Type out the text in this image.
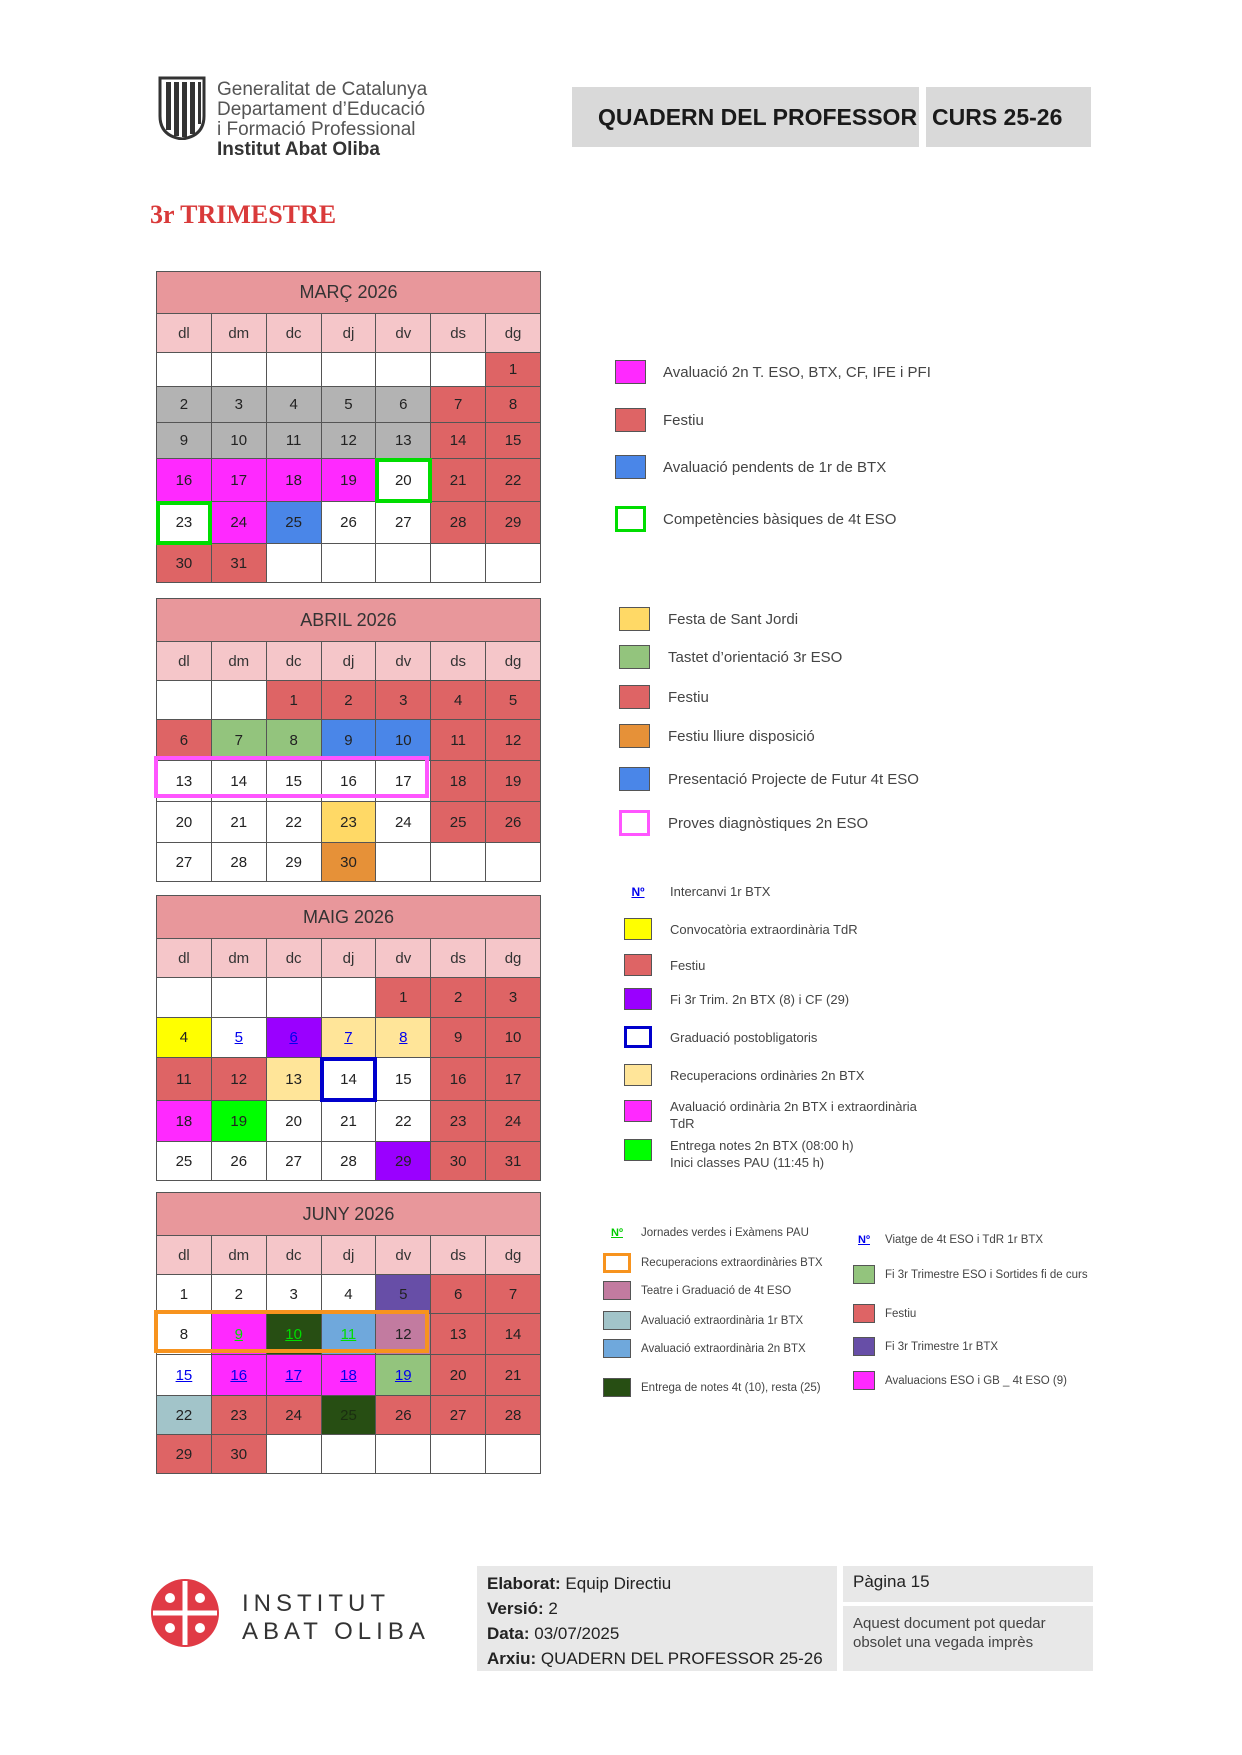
Generalitat de Catalunya
Departament d’Educació
i Formació Professional
Institut Abat Oliba
QUADERN DEL PROFESSOR CURS 25-26
3r TRIMESTRE
MARÇ 2026						
dl	dm	dc	dj	dv	ds	dg
						1
2	3	4	5	6	7	8
9	10	11	12	13	14	15
16	17	18	19	20	21	22
23	24	25	26	27	28	29
30	31					
ABRIL 2026						
dl	dm	dc	dj	dv	ds	dg
		1	2	3	4	5
6	7	8	9	10	11	12
13	14	15	16	17	18	19
20	21	22	23	24	25	26
27	28	29	30			
MAIG 2026						
dl	dm	dc	dj	dv	ds	dg
				1	2	3
4	5	6	7	8	9	10
11	12	13	14	15	16	17
18	19	20	21	22	23	24
25	26	27	28	29	30	31
JUNY 2026						
dl	dm	dc	dj	dv	ds	dg
1	2	3	4	5	6	7
8	9	10	11	12	13	14
15	16	17	18	19	20	21
22	23	24	25	26	27	28
29	30					
Avaluació 2n T. ESO, BTX, CF, IFE i PFI
Festiu
Avaluació pendents de 1r de BTX
Competències bàsiques de 4t ESO
Festa de Sant Jordi
Tastet d’orientació 3r ESO
Festiu
Festiu lliure disposició
Presentació Projecte de Futur 4t ESO
Proves diagnòstiques 2n ESO
Nº	Intercanvi 1r BTX
Convocatòria extraordinària TdR
Festiu
Fi 3r Trim. 2n BTX (8) i CF (29)
Graduació postobligatoris
Recuperacions ordinàries 2n BTX
Avaluació ordinària 2n BTX i extraordinària
TdR
Entrega notes 2n BTX (08:00 h)
Inici classes PAU (11:45 h)
Nº	Jornades verdes i Exàmens PAU
Recuperacions extraordinàries BTX
Teatre i Graduació de 4t ESO
Avaluació extraordinària 1r BTX
Avaluació extraordinària 2n BTX
Entrega de notes 4t (10), resta (25)
Nº	Viatge de 4t ESO i TdR 1r BTX
Fi 3r Trimestre ESO i Sortides fi de curs
Festiu
Fi 3r Trimestre 1r BTX
Avaluacions ESO i GB _ 4t ESO (9)
INSTITUT
ABAT OLIBA
Elaborat: Equip Directiu
Versió: 2
Data: 03/07/2025
Arxiu: QUADERN DEL PROFESSOR 25-26
Pàgina 15
Aquest document pot quedar
obsolet una vegada imprès
